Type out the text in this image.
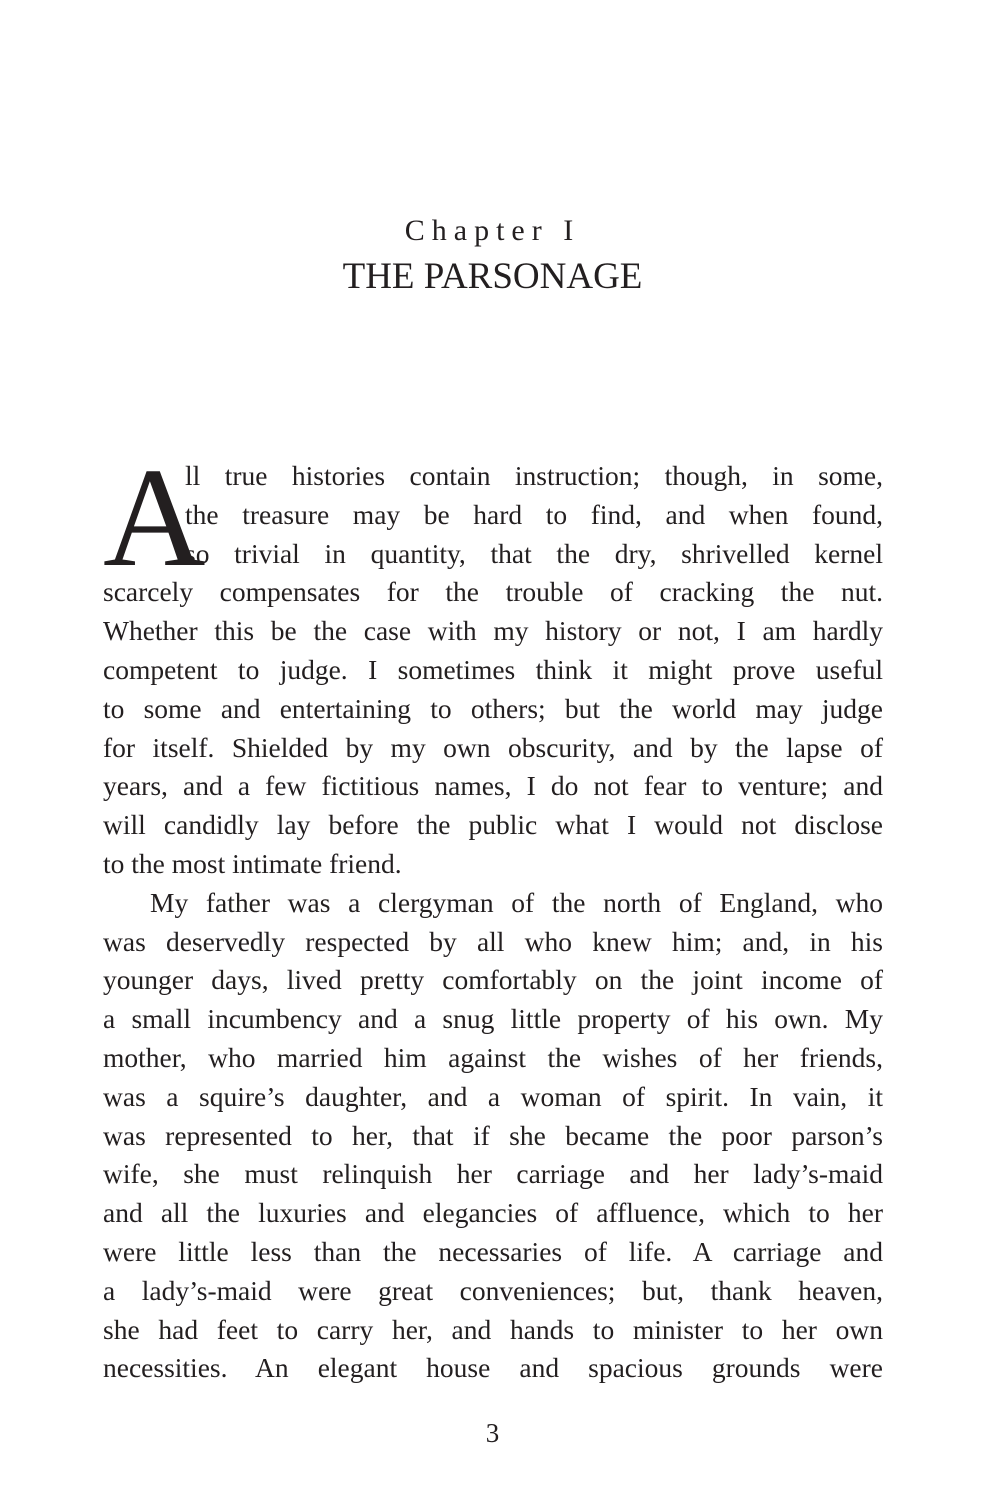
Chapter I
THE PARSONAGE
A
ll true histories contain instruction; though, in some,
the treasure may be hard to find, and when found,
so trivial in quantity, that the dry, shrivelled kernel
scarcely compensates for the trouble of cracking the nut.
Whether this be the case with my history or not, I am hardly
competent to judge. I sometimes think it might prove useful
to some and entertaining to others; but the world may judge
for itself. Shielded by my own obscurity, and by the lapse of
years, and a few fictitious names, I do not fear to venture; and
will candidly lay before the public what I would not disclose
to the most intimate friend.
My father was a clergyman of the north of England, who
was deservedly respected by all who knew him; and, in his
younger days, lived pretty comfortably on the joint income of
a small incumbency and a snug little property of his own. My
mother, who married him against the wishes of her friends,
was a squire’s daughter, and a woman of spirit. In vain, it
was represented to her, that if she became the poor parson’s
wife, she must relinquish her carriage and her lady’s-maid
and all the luxuries and elegancies of affluence, which to her
were little less than the necessaries of life. A carriage and
a lady’s-maid were great conveniences; but, thank heaven,
she had feet to carry her, and hands to minister to her own
necessities. An elegant house and spacious grounds were
3
